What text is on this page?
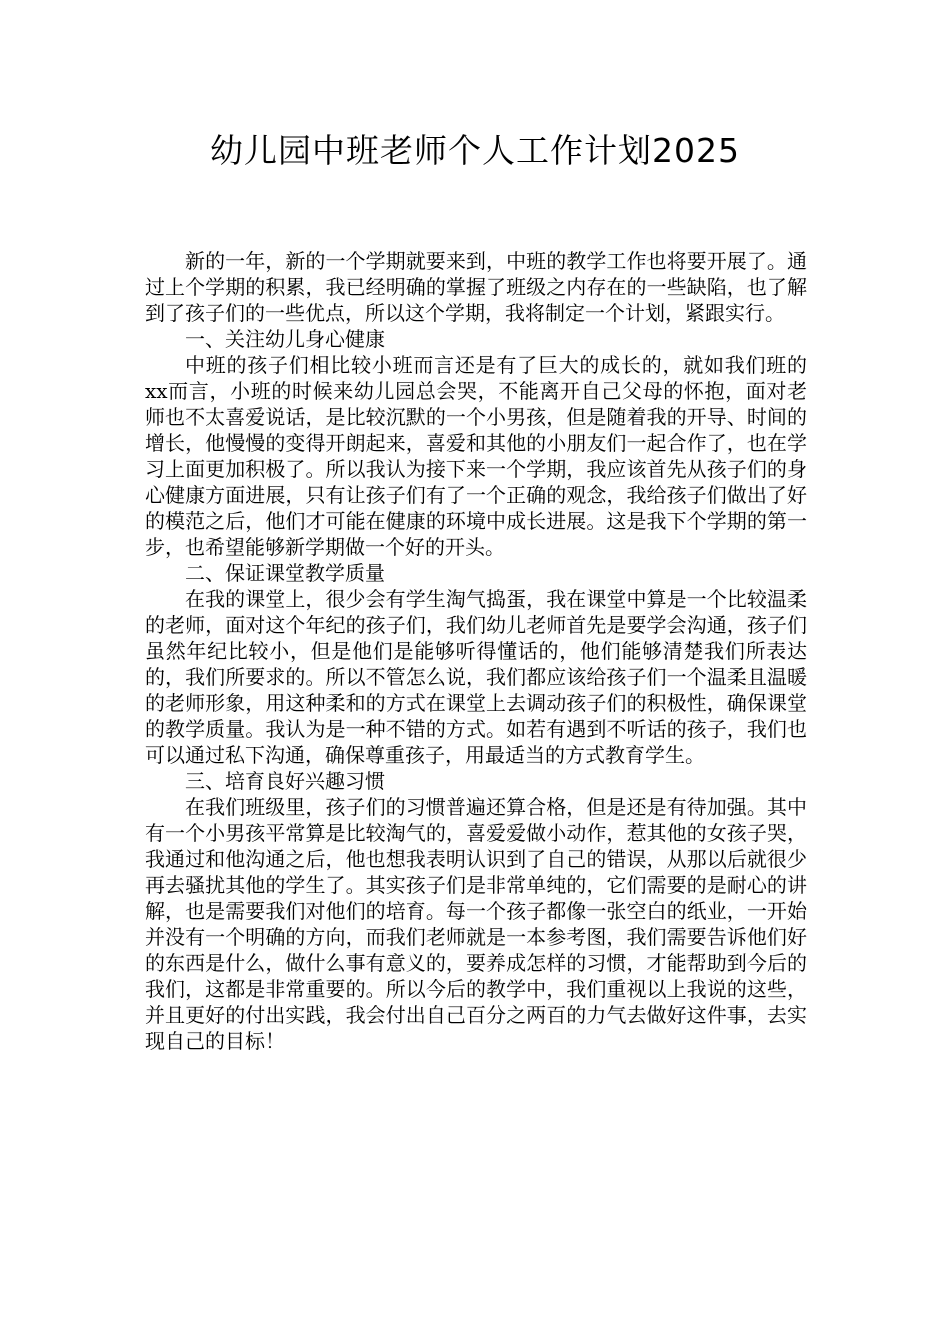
幼儿园中班老师个人工作计划2025

新的一年，新的一个学期就要来到，中班的教学工作也将要开展了。通过上个学期的积累，我已经明确的掌握了班级之内存在的一些缺陷，也了解到了孩子们的一些优点，所以这个学期，我将制定一个计划，紧跟实行。

一、关注幼儿身心健康

中班的孩子们相比较小班而言还是有了巨大的成长的，就如我们班的xx而言，小班的时候来幼儿园总会哭，不能离开自己父母的怀抱，面对老师也不太喜爱说话，是比较沉默的一个小男孩，但是随着我的开导、时间的增长，他慢慢的变得开朗起来，喜爱和其他的小朋友们一起合作了，也在学习上面更加积极了。所以我认为接下来一个学期，我应该首先从孩子们的身心健康方面进展，只有让孩子们有了一个正确的观念，我给孩子们做出了好的模范之后，他们才可能在健康的环境中成长进展。这是我下个学期的第一步，也希望能够新学期做一个好的开头。

二、保证课堂教学质量

在我的课堂上，很少会有学生淘气捣蛋，我在课堂中算是一个比较温柔的老师，面对这个年纪的孩子们，我们幼儿老师首先是要学会沟通，孩子们虽然年纪比较小，但是他们是能够听得懂话的，他们能够清楚我们所表达的，我们所要求的。所以不管怎么说，我们都应该给孩子们一个温柔且温暖的老师形象，用这种柔和的方式在课堂上去调动孩子们的积极性，确保课堂的教学质量。我认为是一种不错的方式。如若有遇到不听话的孩子，我们也可以通过私下沟通，确保尊重孩子，用最适当的方式教育学生。

三、培育良好兴趣习惯

在我们班级里，孩子们的习惯普遍还算合格，但是还是有待加强。其中有一个小男孩平常算是比较淘气的，喜爱爱做小动作，惹其他的女孩子哭，我通过和他沟通之后，他也想我表明认识到了自己的错误，从那以后就很少再去骚扰其他的学生了。其实孩子们是非常单纯的，它们需要的是耐心的讲解，也是需要我们对他们的培育。每一个孩子都像一张空白的纸业，一开始并没有一个明确的方向，而我们老师就是一本参考图，我们需要告诉他们好的东西是什么，做什么事有意义的，要养成怎样的习惯，才能帮助到今后的我们，这都是非常重要的。所以今后的教学中，我们重视以上我说的这些，并且更好的付出实践，我会付出自己百分之两百的力气去做好这件事，去实现自己的目标！
